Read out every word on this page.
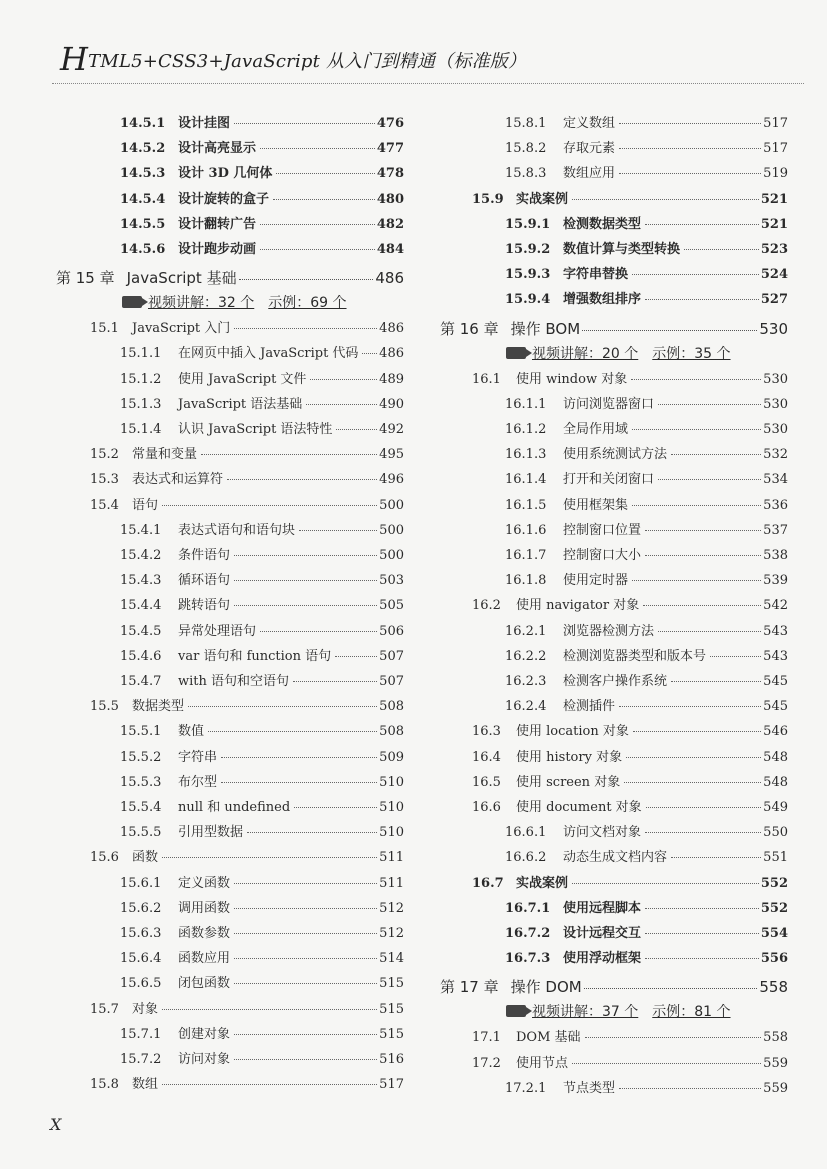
HTML5+CSS3+JavaScript 从入门到精通（标准版）
14.5.1 设计挂图	476
14.5.2 设计高亮显示	477
14.5.3 设计 3D 几何体	478
14.5.4 设计旋转的盒子	480
14.5.5 设计翻转广告	482
14.5.6 设计跑步动画	484
第 15 章 JavaScript 基础	486
视频讲解：32 个 示例：69 个
15.1	JavaScript 入门	486
15.1.1	在网页中插入 JavaScript 代码 486
15.1.2	使用 JavaScript 文件	489
15.1.3	JavaScript 语法基础	490
15.1.4	认识 JavaScript 语法特性	492
15.2	常量和变量	495
15.3	表达式和运算符	496
15.4	语句	500
15.4.1	表达式语句和语句块	500
15.4.2	条件语句	500
15.4.3	循环语句	503
15.4.4	跳转语句	505
15.4.5	异常处理语句	506
15.4.6	var 语句和 function 语句	507
15.4.7	with 语句和空语句	507
15.5	数据类型	508
15.5.1	数值	508
15.5.2	字符串	509
15.5.3	布尔型	510
15.5.4	null 和 undefined	510
15.5.5	引用型数据	510
15.6	函数	511
15.6.1	定义函数	511
15.6.2	调用函数	512
15.6.3	函数参数	512
15.6.4	函数应用	514
15.6.5	闭包函数	515
15.7	对象	515
15.7.1	创建对象	515
15.7.2	访问对象	516
15.8	数组	517
15.8.1	定义数组	517
15.8.2	存取元素	517
15.8.3	数组应用	519
15.9 实战案例	521
15.9.1 检测数据类型	521
15.9.2 数值计算与类型转换	523
15.9.3 字符串替换	524
15.9.4 增强数组排序	527
第 16 章 操作 BOM	530
视频讲解：20 个 示例：35 个
16.1	使用 window 对象	530
16.1.1	访问浏览器窗口	530
16.1.2	全局作用域	530
16.1.3	使用系统测试方法	532
16.1.4	打开和关闭窗口	534
16.1.5	使用框架集	536
16.1.6	控制窗口位置	537
16.1.7	控制窗口大小	538
16.1.8	使用定时器	539
16.2	使用 navigator 对象	542
16.2.1	浏览器检测方法	543
16.2.2	检测浏览器类型和版本号	543
16.2.3	检测客户操作系统	545
16.2.4	检测插件	545
16.3	使用 location 对象	546
16.4	使用 history 对象	548
16.5	使用 screen 对象	548
16.6	使用 document 对象	549
16.6.1	访问文档对象	550
16.6.2	动态生成文档内容	551
16.7 实战案例	552
16.7.1 使用远程脚本	552
16.7.2 设计远程交互	554
16.7.3 使用浮动框架	556
第 17 章 操作 DOM	558
视频讲解：37 个 示例：81 个
17.1	DOM 基础	558
17.2	使用节点	559
17.2.1	节点类型	559
X
